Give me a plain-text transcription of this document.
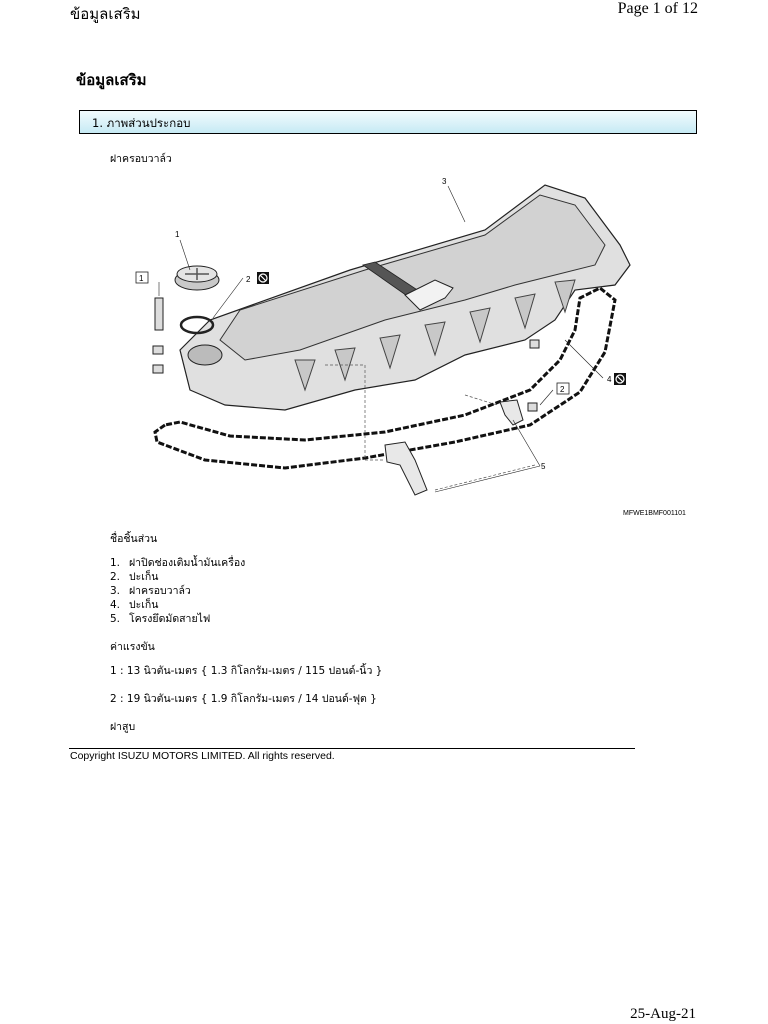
ข้อมูลเสริม	Page 1 of 12
ข้อมูลเสริม
1. ภาพส่วนประกอบ
ฝาครอบวาล์ว
1
2
3
4
5
1
2
MFWE1BMF001101
ชื่อชิ้นส่วน
1. ฝาปิดช่องเติมน้ำมันเครื่อง
2. ปะเก็น
3. ฝาครอบวาล์ว
4. ปะเก็น
5. โครงยึดมัดสายไฟ
ค่าแรงขัน
1 : 13 นิวตัน-เมตร { 1.3 กิโลกรัม-เมตร / 115 ปอนด์-นิ้ว }
2 : 19 นิวตัน-เมตร { 1.9 กิโลกรัม-เมตร / 14 ปอนด์-ฟุต }
ฝาสูบ
Copyright ISUZU MOTORS LIMITED. All rights reserved.
25-Aug-21
